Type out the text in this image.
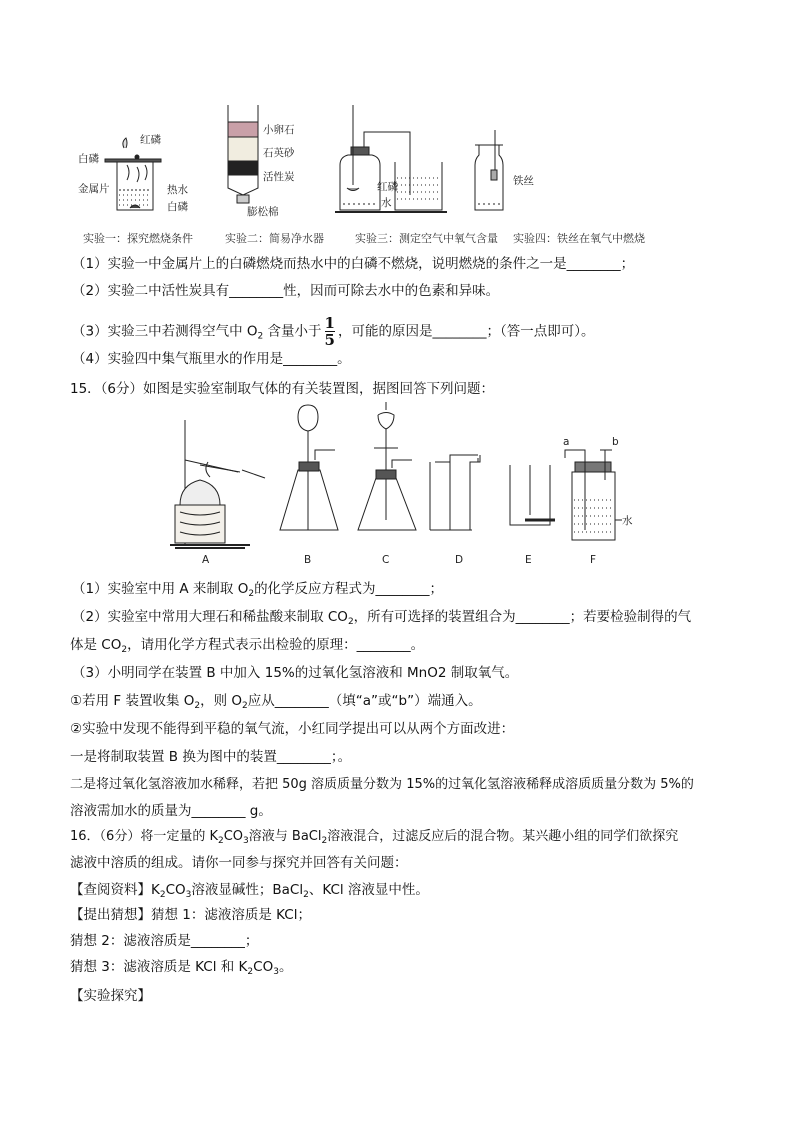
红磷
白磷
金属片	热水
白磷
小卵石
石英砂
活性炭
膨松棉
红磷
水
铁丝
实验一：探究燃烧条件	实验二：简易净水器	实验三：测定空气中氧气含量 实验四：铁丝在氧气中燃烧
（1）实验一中金属片上的白磷燃烧而热水中的白磷不燃烧，说明燃烧的条件之一是________；
（2）实验二中活性炭具有________性，因而可除去水中的色素和异味。
（3）实验三中若测得空气中 $O_2$ 含量小于 $\frac{1}{5}$ ，可能的原因是________；（答一点即可）。
（4）实验四中集气瓶里水的作用是________。
15．（6分）如图是实验室制取气体的有关装置图，据图回答下列问题：
a	b
水
A	B	C	D	E	F
（1）实验室中用 A 来制取 $O_2$的化学反应方程式为________；
（2）实验室中常用大理石和稀盐酸来制取 $CO_2$，所有可选择的装置组合为________；若要检验制得的气
体是 $CO_2$，请用化学方程式表示出检验的原理：________。
（3）小明同学在装置 B 中加入 15%的过氧化氢溶液和 MnO2 制取氧气。
①若用 F 装置收集 $O_2$，则 $O_2$应从________（填“a”或“b”）端通入。
②实验中发现不能得到平稳的氧气流，小红同学提出可以从两个方面改进：
一是将制取装置 B 换为图中的装置________；。
二是将过氧化氢溶液加水稀释，若把 50g 溶质质量分数为 15%的过氧化氢溶液稀释成溶质质量分数为 5%的
溶液需加水的质量为________ g。
16．（6分）将一定量的 $K_2CO_3$溶液与 BaCl$_2$溶液混合，过滤反应后的混合物。某兴趣小组的同学们欲探究
滤液中溶质的组成。请你一同参与探究并回答有关问题：
【查阅资料】$K_2CO_3$溶液显碱性；BaCl$_2$、KCl 溶液显中性。
【提出猜想】猜想 1：滤液溶质是 KCl；
猜想 2：滤液溶质是________；
猜想 3：滤液溶质是 KCl 和 $K_2CO_3$。
【实验探究】
